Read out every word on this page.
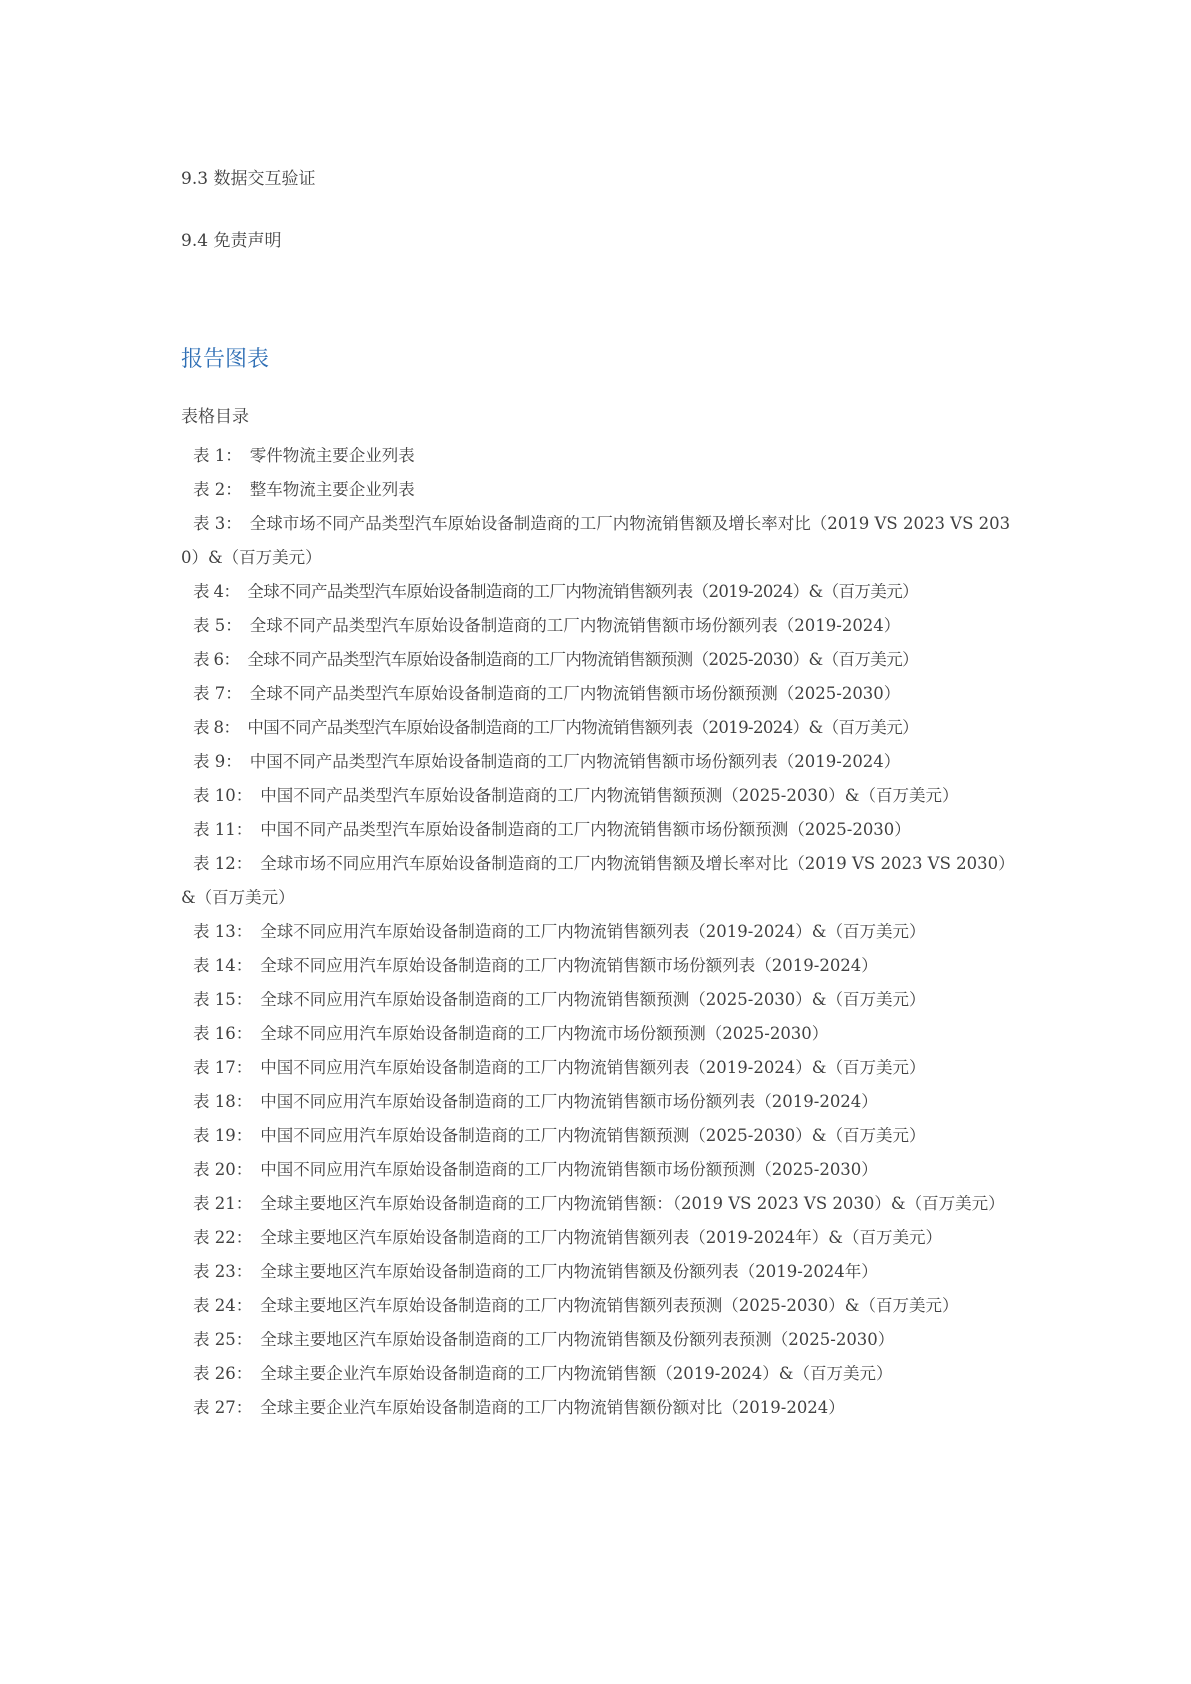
9.3 数据交互验证
9.4 免责声明
报告图表
表格目录
表 1： 零件物流主要企业列表
表 2： 整车物流主要企业列表
表 3： 全球市场不同产品类型汽车原始设备制造商的工厂内物流销售额及增长率对比（2019 VS 2023 VS 2030）&（百万美元）
表 4： 全球不同产品类型汽车原始设备制造商的工厂内物流销售额列表（2019-2024）&（百万美元）
表 5： 全球不同产品类型汽车原始设备制造商的工厂内物流销售额市场份额列表（2019-2024）
表 6： 全球不同产品类型汽车原始设备制造商的工厂内物流销售额预测（2025-2030）&（百万美元）
表 7： 全球不同产品类型汽车原始设备制造商的工厂内物流销售额市场份额预测（2025-2030）
表 8： 中国不同产品类型汽车原始设备制造商的工厂内物流销售额列表（2019-2024）&（百万美元）
表 9： 中国不同产品类型汽车原始设备制造商的工厂内物流销售额市场份额列表（2019-2024）
表 10： 中国不同产品类型汽车原始设备制造商的工厂内物流销售额预测（2025-2030）&（百万美元）
表 11： 中国不同产品类型汽车原始设备制造商的工厂内物流销售额市场份额预测（2025-2030）
表 12： 全球市场不同应用汽车原始设备制造商的工厂内物流销售额及增长率对比（2019 VS 2023 VS 2030）&（百万美元）
表 13： 全球不同应用汽车原始设备制造商的工厂内物流销售额列表（2019-2024）&（百万美元）
表 14： 全球不同应用汽车原始设备制造商的工厂内物流销售额市场份额列表（2019-2024）
表 15： 全球不同应用汽车原始设备制造商的工厂内物流销售额预测（2025-2030）&（百万美元）
表 16： 全球不同应用汽车原始设备制造商的工厂内物流市场份额预测（2025-2030）
表 17： 中国不同应用汽车原始设备制造商的工厂内物流销售额列表（2019-2024）&（百万美元）
表 18： 中国不同应用汽车原始设备制造商的工厂内物流销售额市场份额列表（2019-2024）
表 19： 中国不同应用汽车原始设备制造商的工厂内物流销售额预测（2025-2030）&（百万美元）
表 20： 中国不同应用汽车原始设备制造商的工厂内物流销售额市场份额预测（2025-2030）
表 21： 全球主要地区汽车原始设备制造商的工厂内物流销售额：（2019 VS 2023 VS 2030）&（百万美元）
表 22： 全球主要地区汽车原始设备制造商的工厂内物流销售额列表（2019-2024年）&（百万美元）
表 23： 全球主要地区汽车原始设备制造商的工厂内物流销售额及份额列表（2019-2024年）
表 24： 全球主要地区汽车原始设备制造商的工厂内物流销售额列表预测（2025-2030）&（百万美元）
表 25： 全球主要地区汽车原始设备制造商的工厂内物流销售额及份额列表预测（2025-2030）
表 26： 全球主要企业汽车原始设备制造商的工厂内物流销售额（2019-2024）&（百万美元）
表 27： 全球主要企业汽车原始设备制造商的工厂内物流销售额份额对比（2019-2024）
